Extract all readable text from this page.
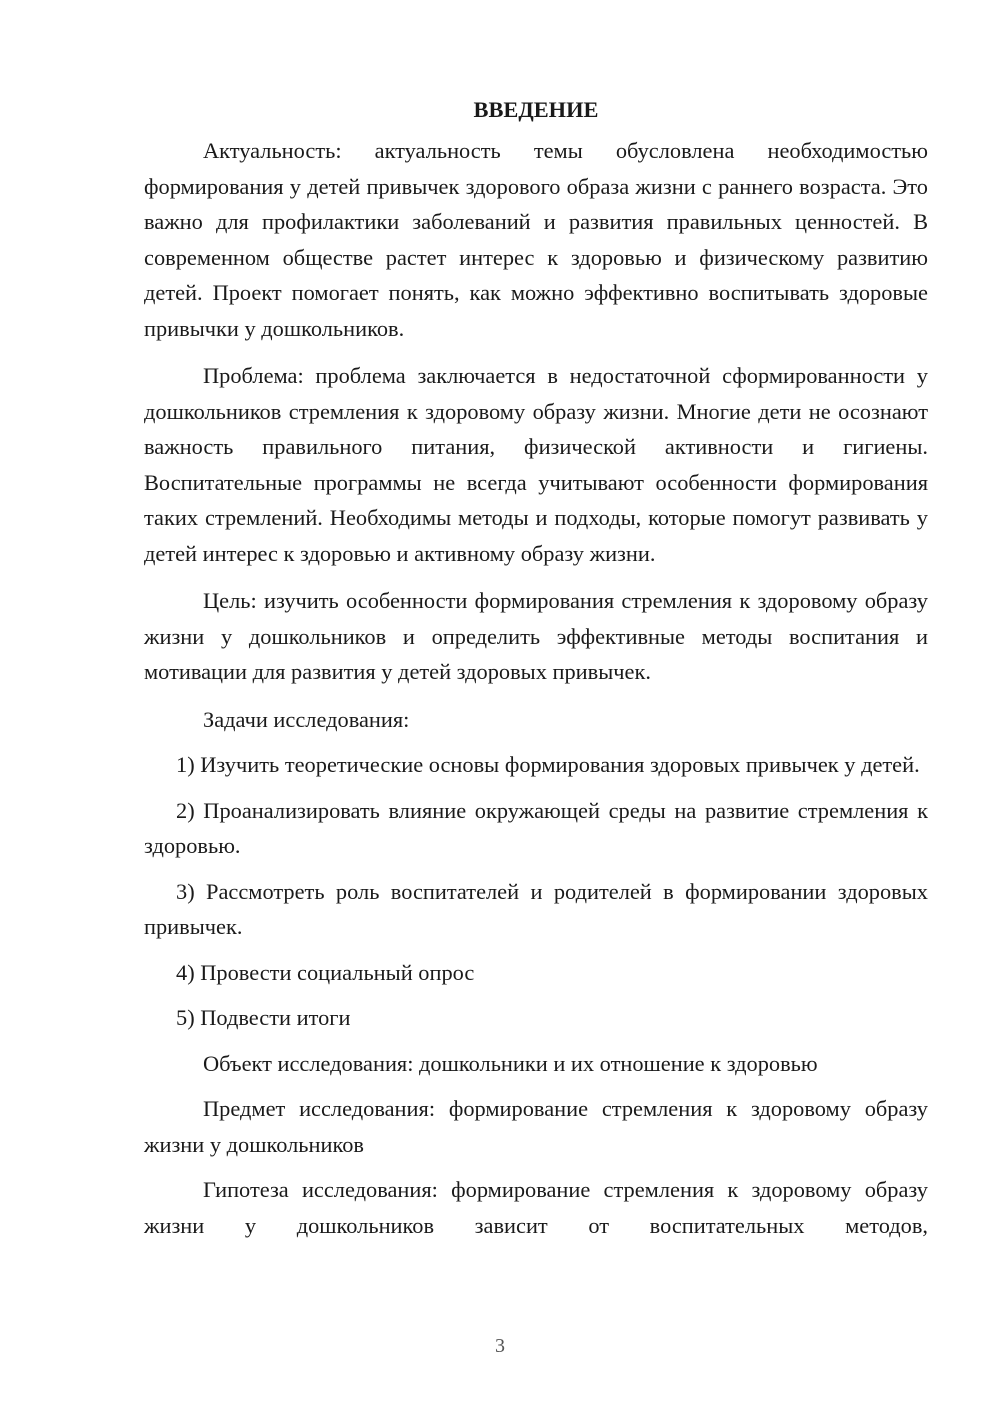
ВВЕДЕНИЕ

Актуальность: актуальность темы обусловлена необходимостью формирования у детей привычек здорового образа жизни с раннего возраста. Это важно для профилактики заболеваний и развития правильных ценностей. В современном обществе растет интерес к здоровью и физическому развитию детей. Проект помогает понять, как можно эффективно воспитывать здоровые привычки у дошкольников.

Проблема: проблема заключается в недостаточной сформированности у дошкольников стремления к здоровому образу жизни. Многие дети не осознают важность правильного питания, физической активности и гигиены. Воспитательные программы не всегда учитывают особенности формирования таких стремлений. Необходимы методы и подходы, которые помогут развивать у детей интерес к здоровью и активному образу жизни.

Цель: изучить особенности формирования стремления к здоровому образу жизни у дошкольников и определить эффективные методы воспитания и мотивации для развития у детей здоровых привычек.

Задачи исследования:

1) Изучить теоретические основы формирования здоровых привычек у детей.

2) Проанализировать влияние окружающей среды на развитие стремления к здоровью.

3) Рассмотреть роль воспитателей и родителей в формировании здоровых привычек.

4) Провести социальный опрос

5) Подвести итоги

Объект исследования: дошкольники и их отношение к здоровью

Предмет исследования: формирование стремления к здоровому образу жизни у дошкольников

Гипотеза исследования: формирование стремления к здоровому образу жизни у дошкольников зависит от воспитательных методов,

3
